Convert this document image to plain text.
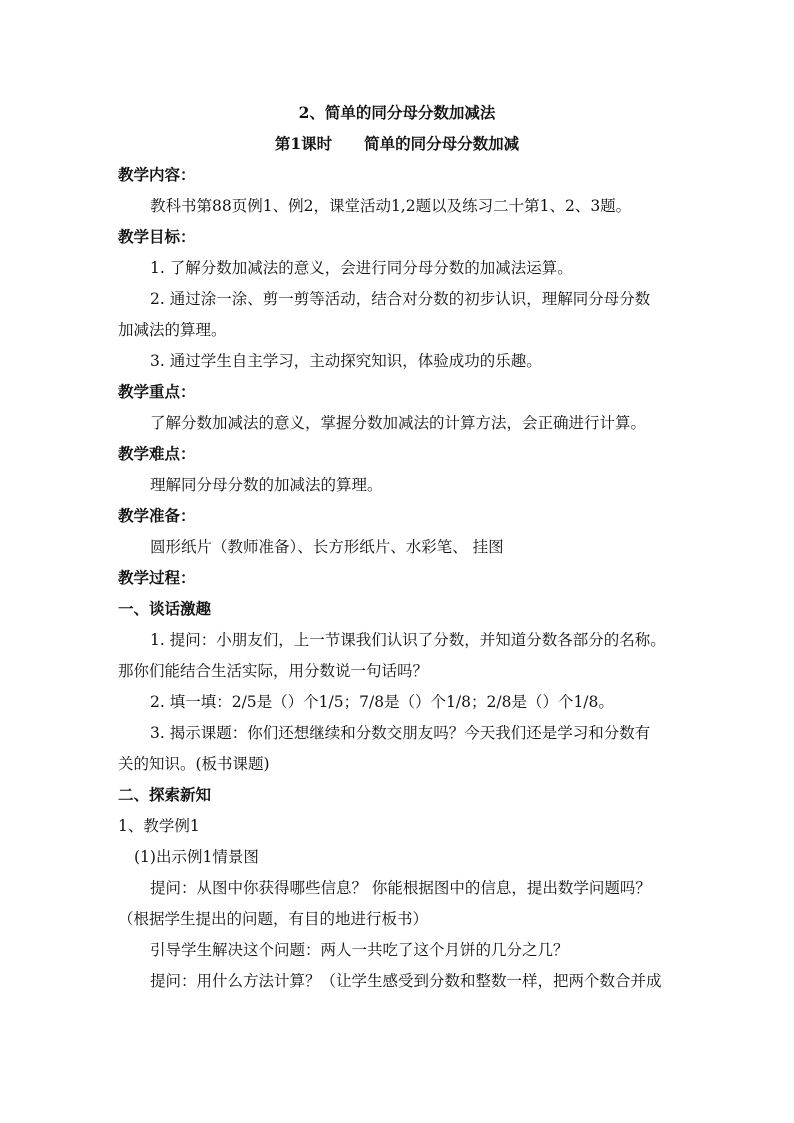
2、简单的同分母分数加减法
第1课时 简单的同分母分数加减
教学内容：
教科书第88页例1、例2，课堂活动1,2题以及练习二十第1、2、3题。
教学目标：
1. 了解分数加减法的意义，会进行同分母分数的加减法运算。
2. 通过涂一涂、剪一剪等活动，结合对分数的初步认识，理解同分母分数
加减法的算理。
3. 通过学生自主学习，主动探究知识，体验成功的乐趣。
教学重点：
了解分数加减法的意义，掌握分数加减法的计算方法，会正确进行计算。
教学难点：
理解同分母分数的加减法的算理。
教学准备：
圆形纸片（教师准备）、长方形纸片、水彩笔、 挂图
教学过程：
一、谈话激趣
1. 提问：小朋友们，上一节课我们认识了分数，并知道分数各部分的名称。
那你们能结合生活实际，用分数说一句话吗？
2. 填一填：2/5是（）个1/5；7/8是（）个1/8；2/8是（）个1/8。
3. 揭示课题：你们还想继续和分数交朋友吗？今天我们还是学习和分数有
关的知识。(板书课题)
二、探索新知
1、教学例1
(1)出示例1情景图
提问：从图中你获得哪些信息？ 你能根据图中的信息，提出数学问题吗？
（根据学生提出的问题，有目的地进行板书）
引导学生解决这个问题：两人一共吃了这个月饼的几分之几？
提问：用什么方法计算？（让学生感受到分数和整数一样，把两个数合并成
